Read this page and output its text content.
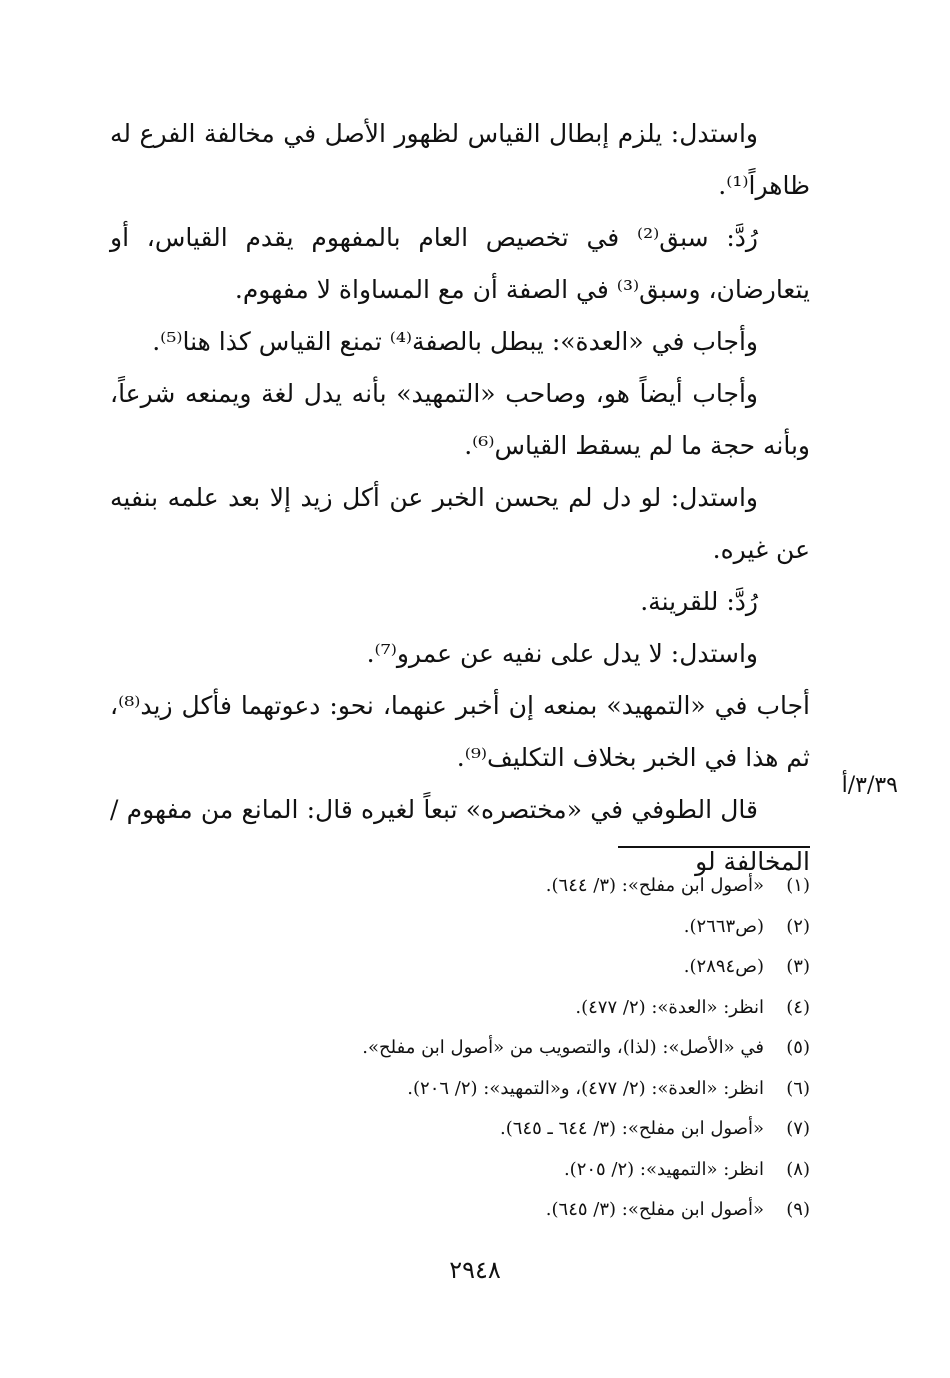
واستدل: يلزم إبطال القياس لظهور الأصل في مخالفة الفرع له ظاهراً⁽¹⁾.

رُدَّ: سبق⁽²⁾ في تخصيص العام بالمفهوم يقدم القياس، أو يتعارضان، وسبق⁽³⁾ في الصفة أن مع المساواة لا مفهوم.

وأجاب في «العدة»: يبطل بالصفة⁽⁴⁾ تمنع القياس كذا هنا⁽⁵⁾.

وأجاب أيضاً هو، وصاحب «التمهيد» بأنه يدل لغة ويمنعه شرعاً، وبأنه حجة ما لم يسقط القياس⁽⁶⁾.

واستدل: لو دل لم يحسن الخبر عن أكل زيد إلا بعد علمه بنفيه عن غيره.

رُدَّ: للقرينة.

واستدل: لا يدل على نفيه عن عمرو⁽⁷⁾.

أجاب في «التمهيد» بمنعه إن أخبر عنهما، نحو: دعوتهما فأكل زيد⁽⁸⁾، ثم هذا في الخبر بخلاف التكليف⁽⁹⁾.

قال الطوفي في «مختصره» تبعاً لغيره قال: المانع من مفهوم / المخالفة لو

٣/٣٩/أ
(١)
«أصول ابن مفلح»: (٣/ ٦٤٤).
(٢)
(ص٢٦٦٣).
(٣)
(ص٢٨٩٤).
(٤)
انظر: «العدة»: (٢/ ٤٧٧).
(٥)
في «الأصل»: (لذا)، والتصويب من «أصول ابن مفلح».
(٦)
انظر: «العدة»: (٢/ ٤٧٧)، و«التمهيد»: (٢/ ٢٠٦).
(٧)
«أصول ابن مفلح»: (٣/ ٦٤٤ ـ ٦٤٥).
(٨)
انظر: «التمهيد»: (٢/ ٢٠٥).
(٩)
«أصول ابن مفلح»: (٣/ ٦٤٥).
٢٩٤٨
